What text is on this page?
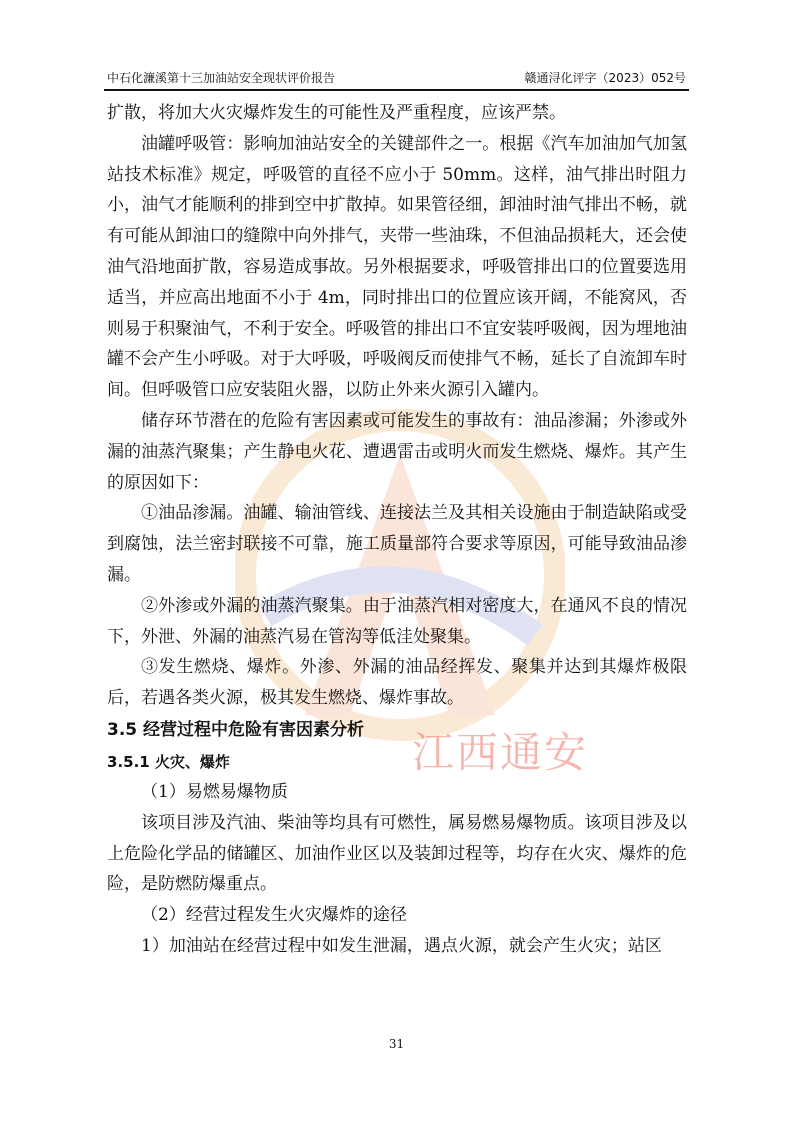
中石化濂溪第十三加油站安全现状评价报告	赣通浔化评字（2023）052号
江西通安

扩散，将加大火灾爆炸发生的可能性及严重程度，应该严禁。

油罐呼吸管：影响加油站安全的关键部件之一。根据《汽车加油加气加氢站技术标准》规定，呼吸管的直径不应小于 50mm。这样，油气排出时阻力小，油气才能顺利的排到空中扩散掉。如果管径细，卸油时油气排出不畅，就有可能从卸油口的缝隙中向外排气，夹带一些油珠，不但油品损耗大，还会使油气沿地面扩散，容易造成事故。另外根据要求，呼吸管排出口的位置要选用适当，并应高出地面不小于 4m，同时排出口的位置应该开阔，不能窝风，否则易于积聚油气，不利于安全。呼吸管的排出口不宜安装呼吸阀，因为埋地油罐不会产生小呼吸。对于大呼吸，呼吸阀反而使排气不畅，延长了自流卸车时间。但呼吸管口应安装阻火器，以防止外来火源引入罐内。

储存环节潜在的危险有害因素或可能发生的事故有：油品渗漏；外渗或外漏的油蒸汽聚集；产生静电火花、遭遇雷击或明火而发生燃烧、爆炸。其产生的原因如下：

①油品渗漏。油罐、输油管线、连接法兰及其相关设施由于制造缺陷或受到腐蚀，法兰密封联接不可靠，施工质量部符合要求等原因，可能导致油品渗漏。

②外渗或外漏的油蒸汽聚集。由于油蒸汽相对密度大，在通风不良的情况下，外泄、外漏的油蒸汽易在管沟等低洼处聚集。

③发生燃烧、爆炸。外渗、外漏的油品经挥发、聚集并达到其爆炸极限后，若遇各类火源，极其发生燃烧、爆炸事故。

3.5 经营过程中危险有害因素分析

3.5.1 火灾、爆炸

（1）易燃易爆物质

该项目涉及汽油、柴油等均具有可燃性，属易燃易爆物质。该项目涉及以上危险化学品的储罐区、加油作业区以及装卸过程等，均存在火灾、爆炸的危险，是防燃防爆重点。

（2）经营过程发生火灾爆炸的途径

1）加油站在经营过程中如发生泄漏，遇点火源，就会产生火灾；站区

31
